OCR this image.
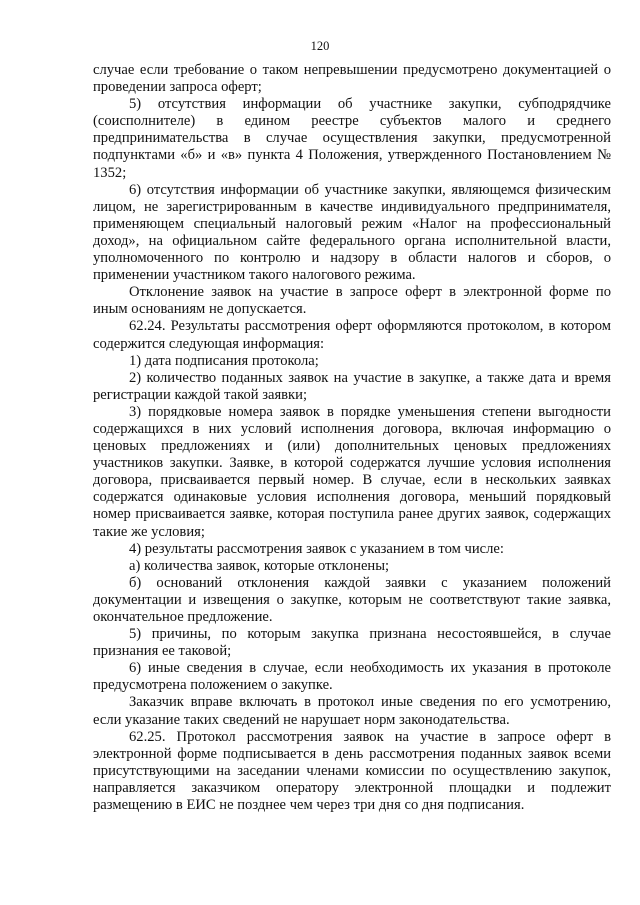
120

случае если требование о таком непревышении предусмотрено документацией о проведении запроса оферт;

5) отсутствия информации об участнике закупки, субподрядчике (соисполнителе) в едином реестре субъектов малого и среднего предпринимательства в случае осуществления закупки, предусмотренной подпунктами «б» и «в» пункта 4 Положения, утвержденного Постановлением № 1352;

6) отсутствия информации об участнике закупки, являющемся физическим лицом, не зарегистрированным в качестве индивидуального предпринимателя, применяющем специальный налоговый режим «Налог на профессиональный доход», на официальном сайте федерального органа исполнительной власти, уполномоченного по контролю и надзору в области налогов и сборов, о применении участником такого налогового режима.

Отклонение заявок на участие в запросе оферт в электронной форме по иным основаниям не допускается.

62.24. Результаты рассмотрения оферт оформляются протоколом, в котором содержится следующая информация:

1) дата подписания протокола;

2) количество поданных заявок на участие в закупке, а также дата и время регистрации каждой такой заявки;

3) порядковые номера заявок в порядке уменьшения степени выгодности содержащихся в них условий исполнения договора, включая информацию о ценовых предложениях и (или) дополнительных ценовых предложениях участников закупки. Заявке, в которой содержатся лучшие условия исполнения договора, присваивается первый номер. В случае, если в нескольких заявках содержатся одинаковые условия исполнения договора, меньший порядковый номер присваивается заявке, которая поступила ранее других заявок, содержащих такие же условия;

4) результаты рассмотрения заявок с указанием в том числе:

а) количества заявок, которые отклонены;

б) оснований отклонения каждой заявки с указанием положений документации и извещения о закупке, которым не соответствуют такие заявка, окончательное предложение.

5) причины, по которым закупка признана несостоявшейся, в случае признания ее таковой;

6) иные сведения в случае, если необходимость их указания в протоколе предусмотрена положением о закупке.

Заказчик вправе включать в протокол иные сведения по его усмотрению, если указание таких сведений не нарушает норм законодательства.

62.25. Протокол рассмотрения заявок на участие в запросе оферт в электронной форме подписывается в день рассмотрения поданных заявок всеми присутствующими на заседании членами комиссии по осуществлению закупок, направляется заказчиком оператору электронной площадки и подлежит размещению в ЕИС не позднее чем через три дня со дня подписания.
